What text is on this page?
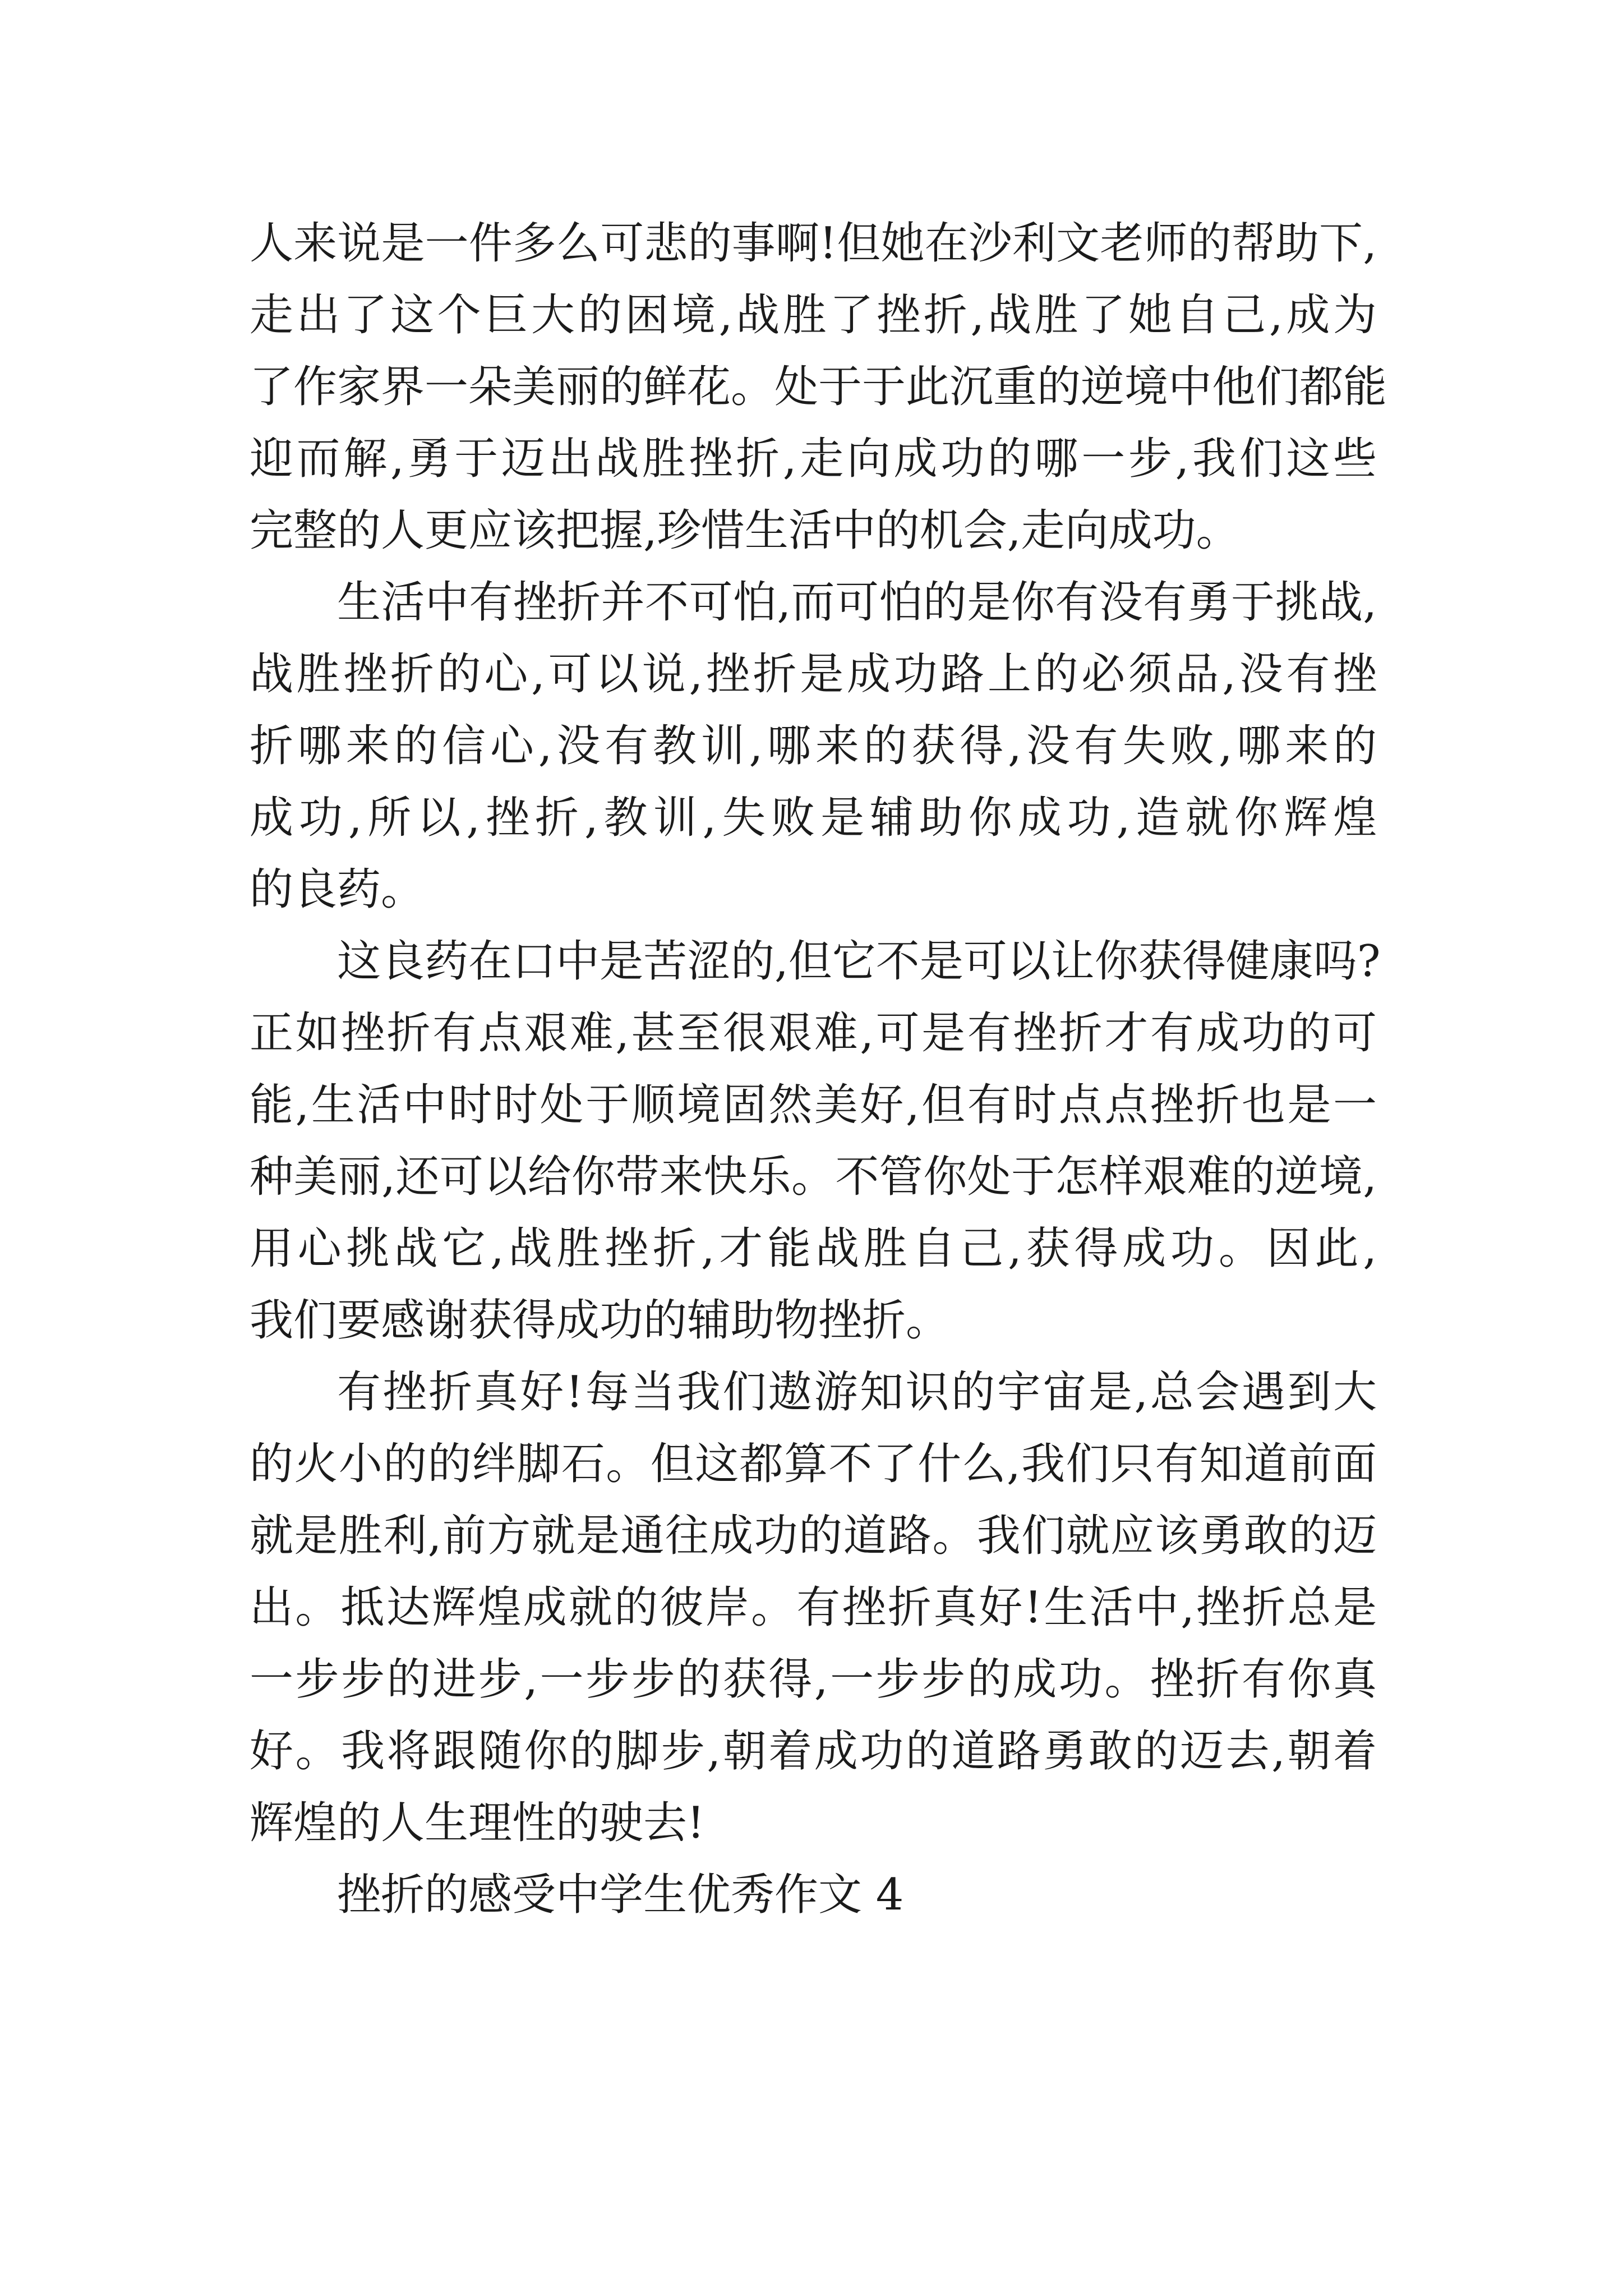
人来说是一件多么可悲的事啊!但她在沙利文老师的帮助下,
走出了这个巨大的困境,战胜了挫折,战胜了她自己,成为
了作家界一朵美丽的鲜花。处于于此沉重的逆境中他们都能
迎而解,勇于迈出战胜挫折,走向成功的哪一步,我们这些
完整的人更应该把握,珍惜生活中的机会,走向成功。
生活中有挫折并不可怕,而可怕的是你有没有勇于挑战,
战胜挫折的心,可以说,挫折是成功路上的必须品,没有挫
折哪来的信心,没有教训,哪来的获得,没有失败,哪来的
成功,所以,挫折,教训,失败是辅助你成功,造就你辉煌
的良药。
这良药在口中是苦涩的,但它不是可以让你获得健康吗?
正如挫折有点艰难,甚至很艰难,可是有挫折才有成功的可
能,生活中时时处于顺境固然美好,但有时点点挫折也是一
种美丽,还可以给你带来快乐。不管你处于怎样艰难的逆境,
用心挑战它,战胜挫折,才能战胜自己,获得成功。因此,
我们要感谢获得成功的辅助物挫折。
有挫折真好!每当我们遨游知识的宇宙是,总会遇到大
的火小的的绊脚石。但这都算不了什么,我们只有知道前面
就是胜利,前方就是通往成功的道路。我们就应该勇敢的迈
出。抵达辉煌成就的彼岸。有挫折真好!生活中,挫折总是
一步步的进步,一步步的获得,一步步的成功。挫折有你真
好。我将跟随你的脚步,朝着成功的道路勇敢的迈去,朝着
辉煌的人生理性的驶去!
挫折的感受中学生优秀作文 4
